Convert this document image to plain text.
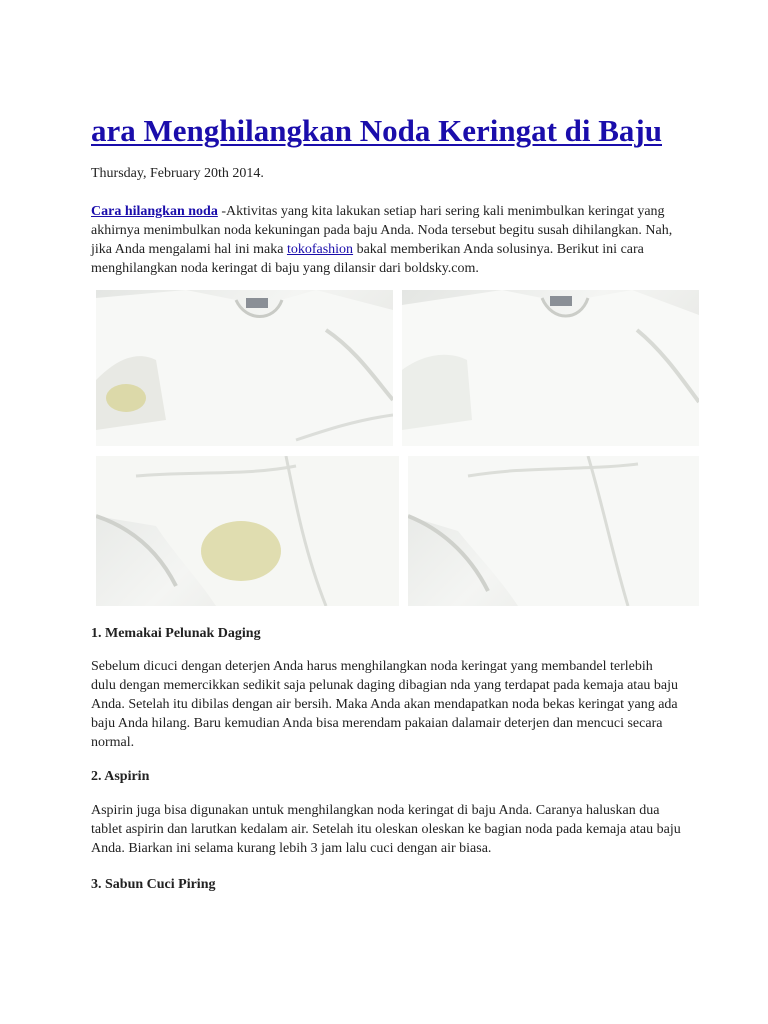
ara Menghilangkan Noda Keringat di Baju
Thursday, February 20th 2014.

Cara hilangkan noda -Aktivitas yang kita lakukan setiap hari sering kali menimbulkan keringat yang akhirnya menimbulkan noda kekuningan pada baju Anda. Noda tersebut begitu susah dihilangkan. Nah, jika Anda mengalami hal ini maka tokofashion bakal memberikan Anda solusinya. Berikut ini cara menghilangkan noda keringat di baju yang dilansir dari boldsky.com.

1. Memakai Pelunak Daging

Sebelum dicuci dengan deterjen Anda harus menghilangkan noda keringat yang membandel terlebih dulu dengan memercikkan sedikit saja pelunak daging dibagian nda yang terdapat pada kemaja atau baju Anda. Setelah itu dibilas dengan air bersih. Maka Anda akan mendapatkan noda bekas keringat yang ada baju Anda hilang. Baru kemudian Anda bisa merendam pakaian dalamair deterjen dan mencuci secara normal.

2. Aspirin

Aspirin juga bisa digunakan untuk menghilangkan noda keringat di baju Anda. Caranya haluskan dua tablet aspirin dan larutkan kedalam air. Setelah itu oleskan oleskan ke bagian noda pada kemaja atau baju Anda. Biarkan ini selama kurang lebih 3 jam lalu cuci dengan air biasa.

3. Sabun Cuci Piring
